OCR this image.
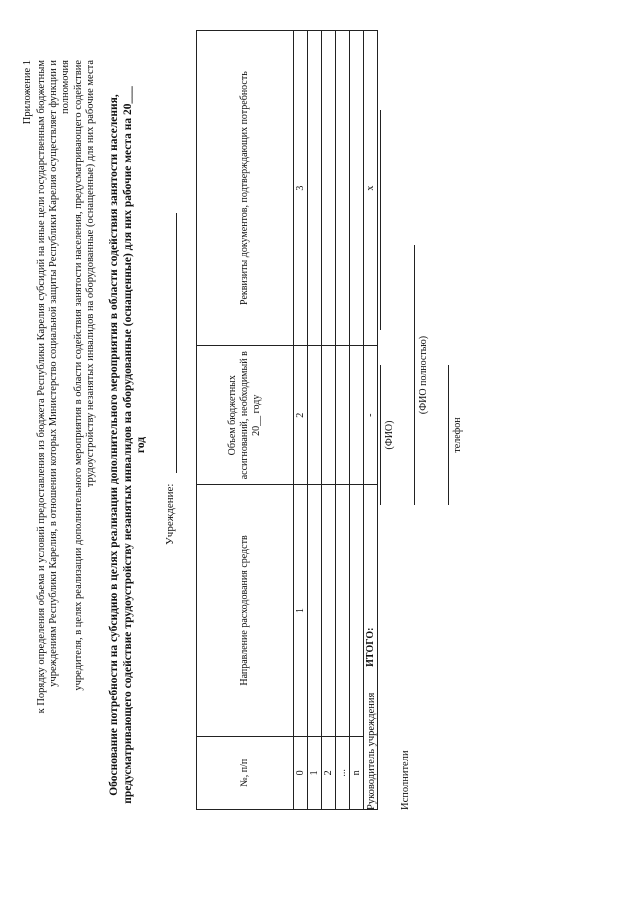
Приложение 1 к Порядку определения объема и условий предоставления из бюджета Республики Карелия субсидий на иные цели государственным бюджетным учреждениям Республики Карелия, в отношении которых Министерство социальной защиты Республики Карелия осуществляет функции и полномочия учредителя, в целях реализации дополнительного мероприятия в области содействия занятости населения, предусматривающего содействие трудоустройству незанятых инвалидов на оборудованные (оснащенные) для них рабочие места Обоснование потребности на субсидию в целях реализации дополнительного мероприятия в области содействия занятости населения, предусматривающего содействие трудоустройству незанятых инвалидов на оборудованные (оснащенные) для них рабочие места на 20___ год
Учреждение:
№, п/п	Направление расходования средств	Объем бюджетных ассигнований, необходимый в 20__ году	Реквизиты документов, подтверждающих потребность
0	1	2	3
1			
2			
...			
n			
ИТОГО:		-	х
Руководитель учреждения
(ФИО)
Исполнители
(ФИО полностью)
телефон
